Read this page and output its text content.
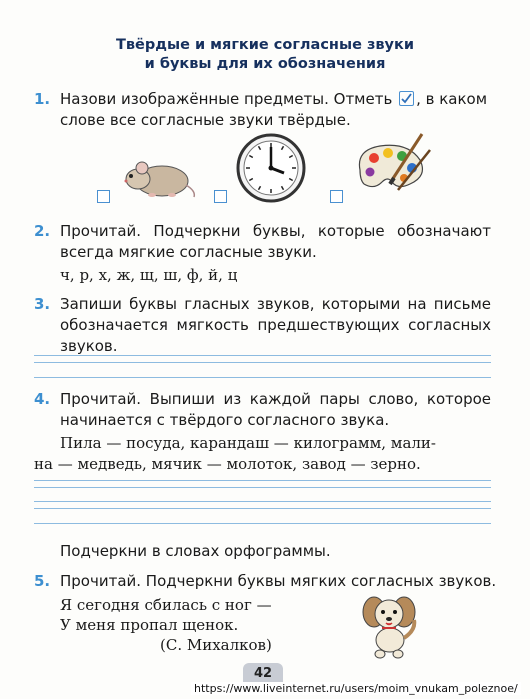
Твёрдые и мягкие согласные звуки
и буквы для их обозначения
1. Назови изображённые предметы. Отметь , в каком
слове все согласные звуки твёрдые.
2. Прочитай. Подчеркни буквы, которые обозначают
всегда мягкие согласные звуки.
ч, р, х, ж, щ, ш, ф, й, ц
3. Запиши буквы гласных звуков, которыми на письме
обозначается мягкость предшествующих согласных
звуков.
4. Прочитай. Выпиши из каждой пары слово, которое
начинается с твёрдого согласного звука.
Пила — посуда, карандаш — килограмм, мали-
на — медведь, мячик — молоток, завод — зерно.
Подчеркни в словах орфограммы.
5. Прочитай. Подчеркни буквы мягких согласных звуков.
Я сегодня сбилась с ног —
У меня пропал щенок.
(С. Михалков)
42
https://www.liveinternet.ru/users/moim_vnukam_poleznoe/
